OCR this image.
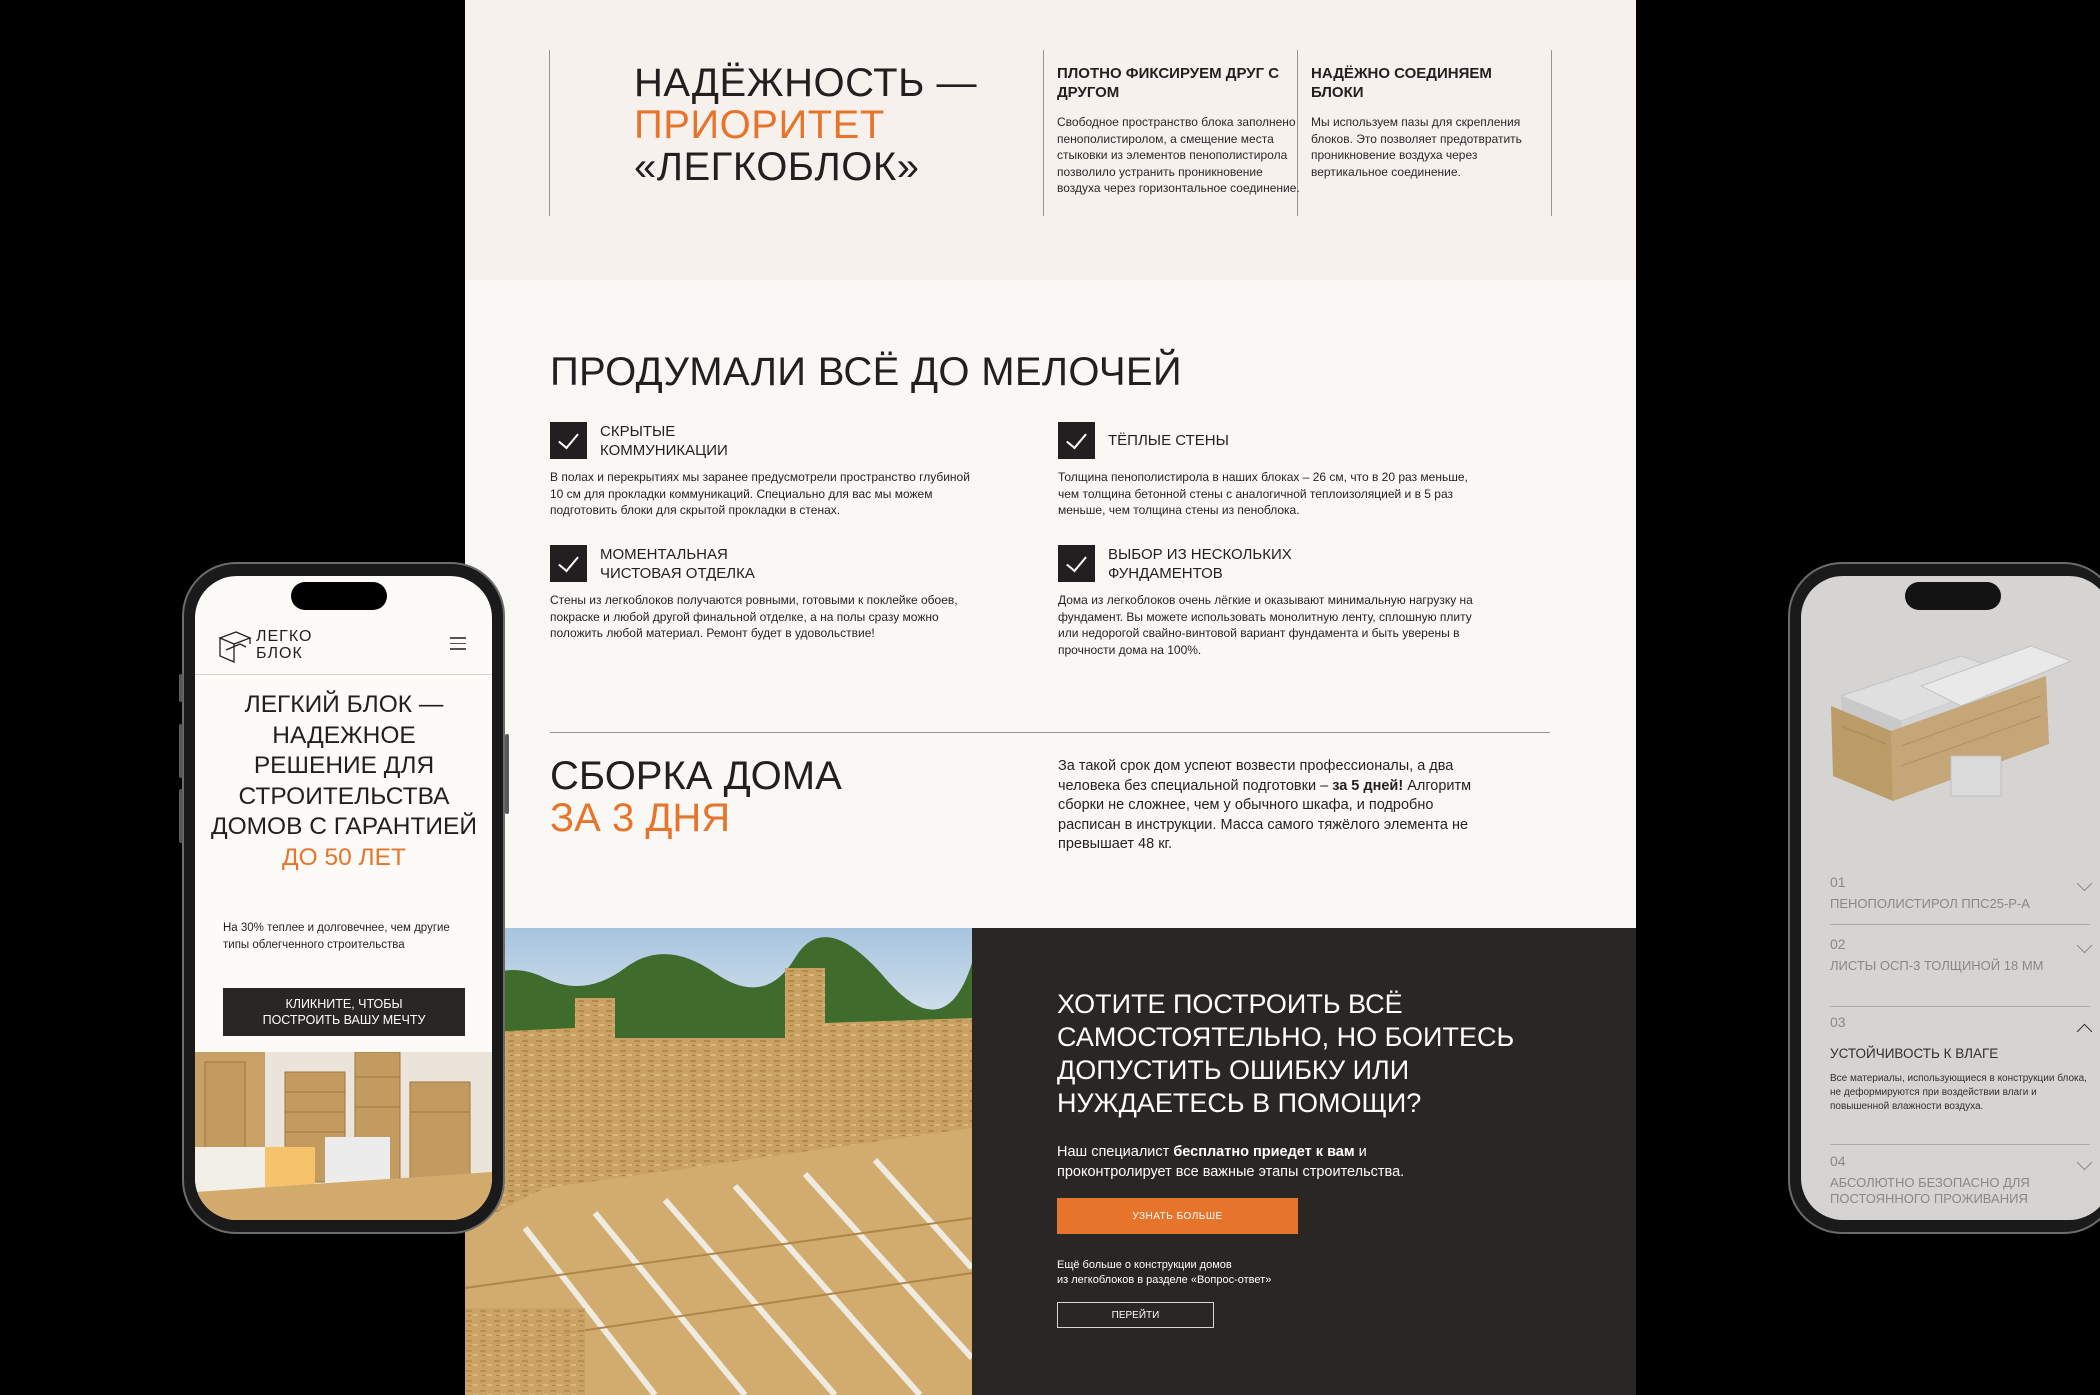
НАДЁЖНОСТЬ —
ПРИОРИТЕТ
«ЛЕГКОБЛОК»
ПЛОТНО ФИКСИРУЕМ ДРУГ С ДРУГОМ

Свободное пространство блока заполнено пенополистиролом, а смещение места стыковки из элементов пенополистирола позволило устранить проникновение воздуха через горизонтальное соединение.

НАДЁЖНО СОЕДИНЯЕМ БЛОКИ

Мы используем пазы для скрепления блоков. Это позволяет предотвратить проникновение воздуха через вертикальное соединение.

ПРОДУМАЛИ ВСЁ ДО МЕЛОЧЕЙ
СКРЫТЫЕ
КОММУНИКАЦИИ

В полах и перекрытиях мы заранее предусмотрели пространство глубиной 10 см для прокладки коммуникаций. Специально для вас мы можем подготовить блоки для скрытой прокладки в стенах.

ТЁПЛЫЕ СТЕНЫ

Толщина пенополистирола в наших блоках – 26 см, что в 20 раз меньше, чем толщина бетонной стены с аналогичной теплоизоляцией и в 5 раз меньше, чем толщина стены из пеноблока.

МОМЕНТАЛЬНАЯ
ЧИСТОВАЯ ОТДЕЛКА

Стены из легкоблоков получаются ровными, готовыми к поклейке обоев, покраске и любой другой финальной отделке, а на полы сразу можно положить любой материал. Ремонт будет в удовольствие!

ВЫБОР ИЗ НЕСКОЛЬКИХ
ФУНДАМЕНТОВ

Дома из легкоблоков очень лёгкие и оказывают минимальную нагрузку на фундамент. Вы можете использовать монолитную ленту, сплошную плиту или недорогой свайно-винтовой вариант фундамента и быть уверены в прочности дома на 100%.

СБОРКА ДОМА
ЗА 3 ДНЯ

За такой срок дом успеют возвести профессионалы, а два человека без специальной подготовки – за 5 дней! Алгоритм сборки не сложнее, чем у обычного шкафа, и подробно расписан в инструкции. Масса самого тяжёлого элемента не превышает 48 кг.

ХОТИТЕ ПОСТРОИТЬ ВСЁ САМОСТОЯТЕЛЬНО, НО БОИТЕСЬ ДОПУСТИТЬ ОШИБКУ ИЛИ НУЖДАЕТЕСЬ В ПОМОЩИ?

Наш специалист бесплатно приедет к вам и проконтролирует все важные этапы строительства.

УЗНАТЬ БОЛЬШЕ

Ещё больше о конструкции домов
из легкоблоков в разделе «Вопрос-ответ»

ПЕРЕЙТИ
ЛЕГКО
БЛОК
ЛЕГКИЙ БЛОК — НАДЕЖНОЕ РЕШЕНИЕ ДЛЯ СТРОИТЕЛЬСТВА ДОМОВ С ГАРАНТИЕЙ
ДО 50 ЛЕТ

На 30% теплее и долговечнее, чем другие типы облегченного строительства

КЛИКНИТЕ, ЧТОБЫ
ПОСТРОИТЬ ВАШУ МЕЧТУ
01
ПЕНОПОЛИСТИРОЛ ППС25-Р-А
02
ЛИСТЫ ОСП-3 ТОЛЩИНОЙ 18 ММ
03
УСТОЙЧИВОСТЬ К ВЛАГЕ

Все материалы, использующиеся в конструкции блока, не деформируются при воздействии влаги и повышенной влажности воздуха.

04
АБСОЛЮТНО БЕЗОПАСНО ДЛЯ ПОСТОЯННОГО ПРОЖИВАНИЯ
